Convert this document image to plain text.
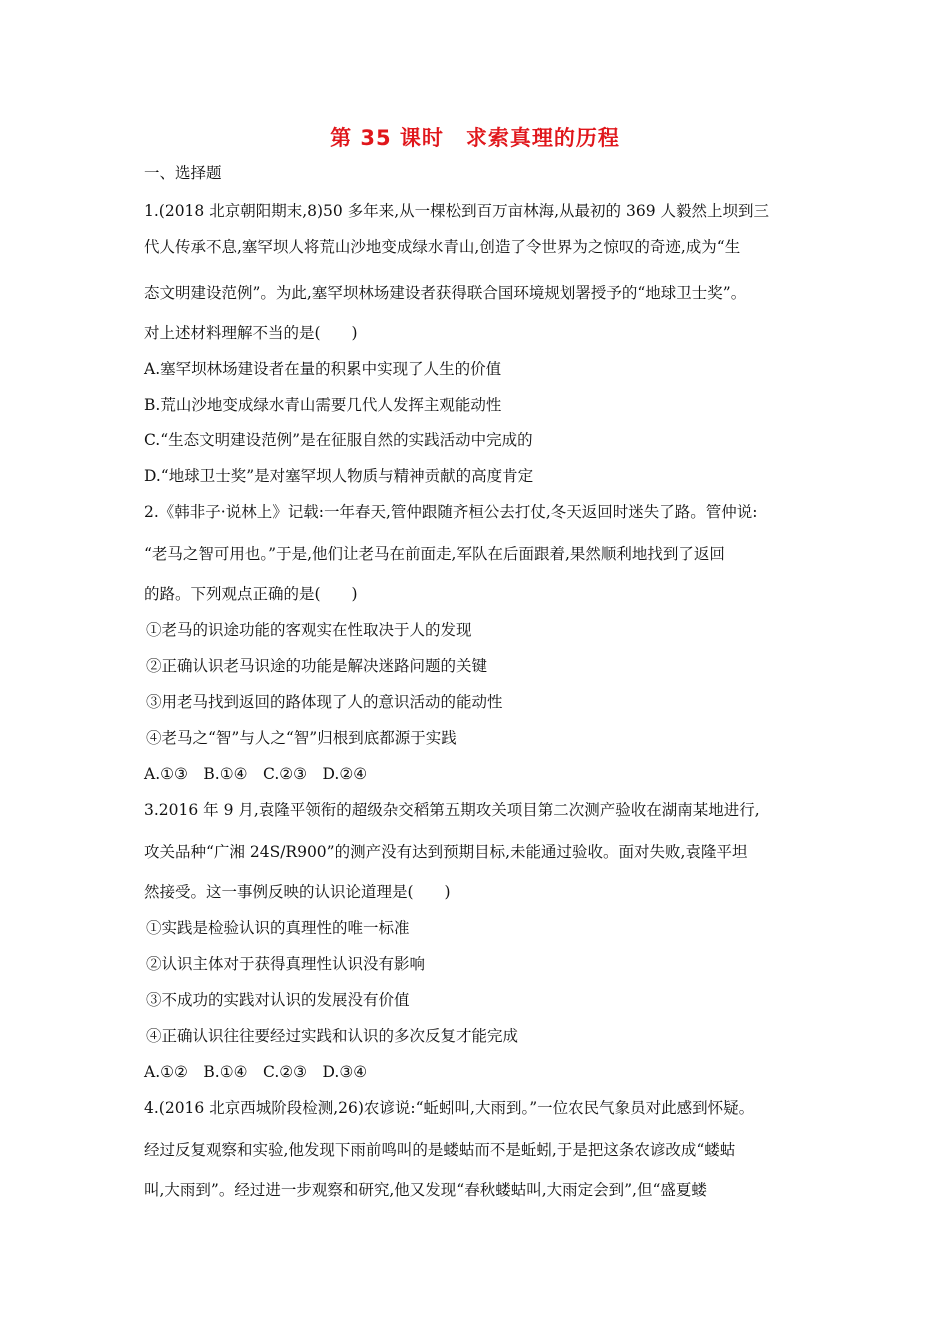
第 35 课时　求索真理的历程
一、选择题
1.(2018 北京朝阳期末,8)50 多年来,从一棵松到百万亩林海,从最初的 369 人毅然上坝到三
代人传承不息,塞罕坝人将荒山沙地变成绿水青山,创造了令世界为之惊叹的奇迹,成为“生
态文明建设范例”。为此,塞罕坝林场建设者获得联合国环境规划署授予的“地球卫士奖”。
对上述材料理解不当的是(　　)
A.塞罕坝林场建设者在量的积累中实现了人生的价值
B.荒山沙地变成绿水青山需要几代人发挥主观能动性
C.“生态文明建设范例”是在征服自然的实践活动中完成的
D.“地球卫士奖”是对塞罕坝人物质与精神贡献的高度肯定
2.《韩非子·说林上》记载:一年春天,管仲跟随齐桓公去打仗,冬天返回时迷失了路。管仲说:
“老马之智可用也。”于是,他们让老马在前面走,军队在后面跟着,果然顺利地找到了返回
的路。下列观点正确的是(　　)
①老马的识途功能的客观实在性取决于人的发现
②正确认识老马识途的功能是解决迷路问题的关键
③用老马找到返回的路体现了人的意识活动的能动性
④老马之“智”与人之“智”归根到底都源于实践
A.①③　B.①④　C.②③　D.②④
3.2016 年 9 月,袁隆平领衔的超级杂交稻第五期攻关项目第二次测产验收在湖南某地进行,
攻关品种“广湘 24S/R900”的测产没有达到预期目标,未能通过验收。面对失败,袁隆平坦
然接受。这一事例反映的认识论道理是(　　)
①实践是检验认识的真理性的唯一标准
②认识主体对于获得真理性认识没有影响
③不成功的实践对认识的发展没有价值
④正确认识往往要经过实践和认识的多次反复才能完成
A.①②　B.①④　C.②③　D.③④
4.(2016 北京西城阶段检测,26)农谚说:“蚯蚓叫,大雨到。”一位农民气象员对此感到怀疑。
经过反复观察和实验,他发现下雨前鸣叫的是蝼蛄而不是蚯蚓,于是把这条农谚改成“蝼蛄
叫,大雨到”。经过进一步观察和研究,他又发现“春秋蝼蛄叫,大雨定会到”,但“盛夏蝼
